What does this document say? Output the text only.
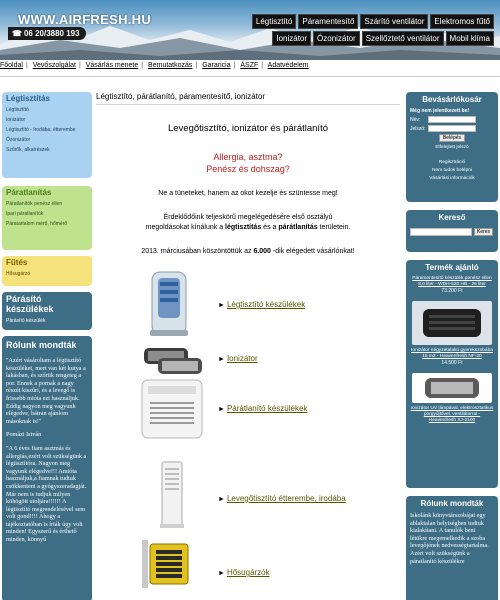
WWW.AIRFRESH.HU
☎ 06 20/3880 193
Légtisztító	Páramentesítő	Szárító ventilátor	Elektromos fűtő
Ionizátor	Ózonizátor	Szellőztető ventilátor	Mobil klíma
Főoldal | Vevőszolgálat | Vásárlás menete | Bemutatkozás | Garancia | ÁSZF | Adatvédelem
Légtisztítás
Légtisztító
Ionizátor
Légtisztító - Irodába, étterembe
Ózonizátor
Szűrők, alkatrészek
Páratlanítás
Páratlanítók penész ellen
Ipari páratlanítók
Páratartalom mérő, hőmérő
Fűtés
Hősugárzó
Párásító készülékek
Párásító készülék
Rólunk mondták
"Azért vásároltam a légtisztító készüléket, mert van két kutya a lakásban, és szőrük rengeteg a por. Ennek a pornak a nagy részét kiszűri, és a levegő is frissebb mióta ezt használjuk. Eddig nagyon meg vagyunk elégedve, bátran ajánlom másoknak is!"
Pomázi István
"A 6 éves fiam asztmás és allergiás,ezért volt szükségünk a légtisztítóra. Nagyon meg vagyunk elégedve!!! Amióta használjuk,a fiamnak tudtuk csökkenteni a gyógyszeradagját. Már nem is tudjuk milyen köhögött utoljára!!!!!! A légtisztító megrendelésével sem volt gond!!!! Ahogy a tájékoztatóban is írták úgy volt minden! Egyszerű és érthető minden, könnyű
Légtisztító, párátlanító, páramentesítő, ionizátor
Levegőtisztító, ionizátor és párátlanító
Allergia, asztma?
Penész és dohszag?
Ne a tüneteket, hanem az okot kezelje és szüntesse meg!
Érdeklődőink teljeskörű megelégedésére első osztályú
megoldásokat kínálunk a légtisztítás és a párátlanítás területein.
2013. márciusában köszöntöttük az 6.000 -dik elégedett vásárlónkat!
► Légtisztító készülékek
► Ionizátor
► Párátlanító készülékek
► Levegőtisztító étterembe, irodába
► Hősugárzók
Bevásárlókosár
Még nem jelentkezett be!
Név:
Jelszó:
Belépés
Elfelejtett jelszó
Regisztráció
Nem tudok belépni
Vásárlási információk
Kereső
Keres
Termék ajánló
Páramentesítő készülék penész ellen 8,0 liter - WDH-520 HB - 26 liter
73.200 Ft
Ionizátor négyzetalakú gyerekszobába 15 m2 - Heavenfresh NF-20
14.500 Ft
Ionizátor UV lámpával, elektrosztatikus porgyűjtővel, ventilátorral - Heavenfresh XJ-2100
Rólunk mondták
Iskolánk könyvtárszobájat egy ablaktalan helyiségben tudtuk kialakítani. A tanulók beni létükre megemelkedik a szoba levegőjének nedvességtartalma. Azért volt szükségünk a páratlanító készülékre
